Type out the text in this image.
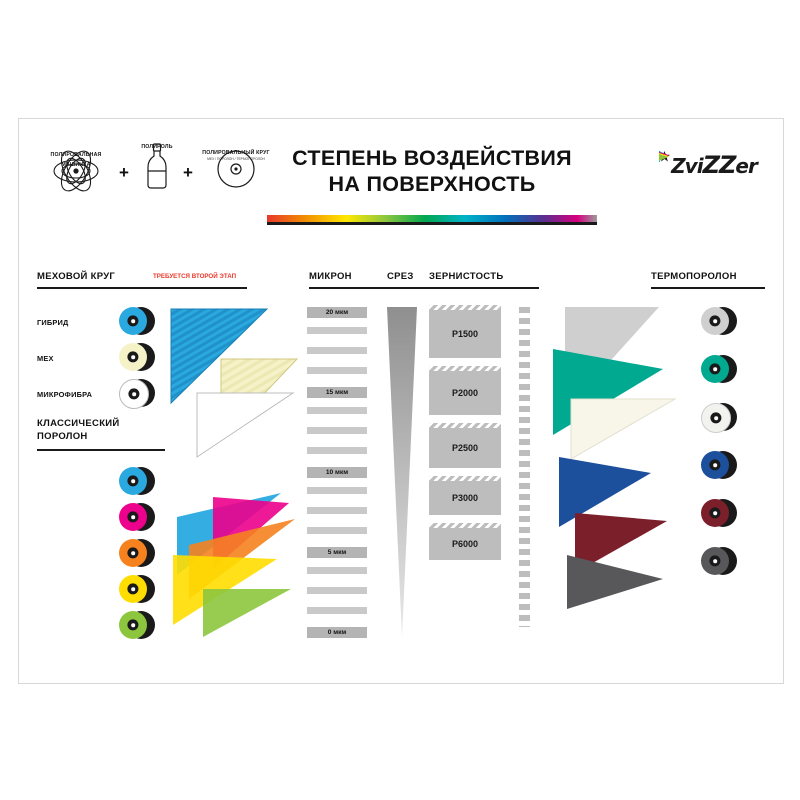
ПОЛИРОВАЛЬНАЯ
МАШИНКА	+
ПОЛИРОЛЬ
+
ПОЛИРОВАЛЬНЫЙ КРУГ
МЕХ / ПОРОЛОН / ТЕРМОПОРОЛОН	СТЕПЕНЬ ВОЗДЕЙСТВИЯ
НА ПОВЕРХНОСТЬ
ZviZZer
МЕХОВОЙ КРУГ	ТРЕБУЕТСЯ ВТОРОЙ ЭТАП	МИКРОН	СРЕЗ ЗЕРНИСТОСТЬ	ТЕРМОПОРОЛОН
ГИБРИД
МЕХ
МИКРОФИБРА
КЛАССИЧЕСКИЙ
ПОРОЛОН
20 мкм
15 мкм
10 мкм
5 мкм
0 мкм
P1500
P2000
P2500
P3000
P6000
